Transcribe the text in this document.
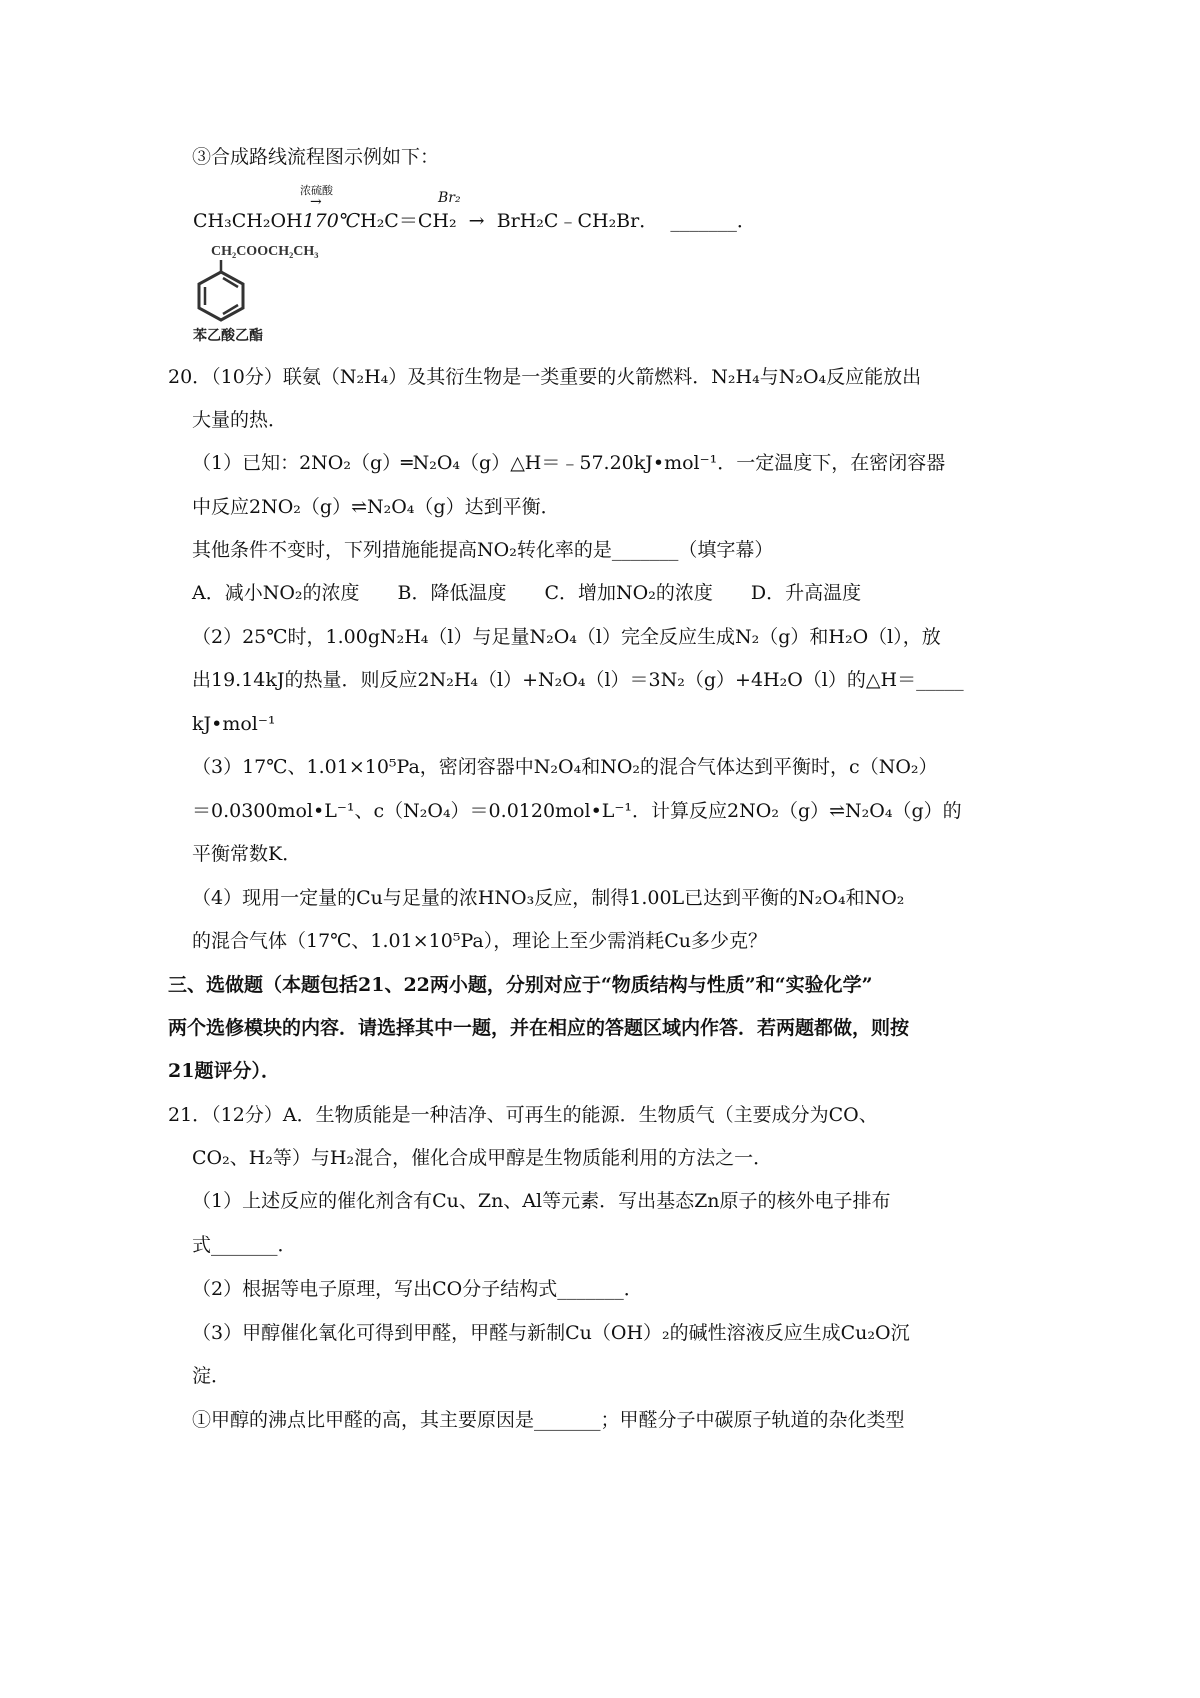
③合成路线流程图示例如下：
浓硫酸
→	Br₂
CH₃CH₂OH170℃H₂C＝CH₂ → BrH₂C﹣CH₂Br． _______．
CH₂COOCH₂CH₃
苯乙酸乙酯
20．（10分）联氨（N₂H₄）及其衍生物是一类重要的火箭燃料．N₂H₄与N₂O₄反应能放出
大量的热．
（1）已知：2NO₂（g）═N₂O₄（g）△H＝﹣57.20kJ•mol⁻¹．一定温度下，在密闭容器
中反应2NO₂（g）⇌N₂O₄（g）达到平衡．
其他条件不变时，下列措施能提高NO₂转化率的是_______（填字幕）
A．减小NO₂的浓度　　B．降低温度　　C．增加NO₂的浓度　　D．升高温度
（2）25℃时，1.00gN₂H₄（l）与足量N₂O₄（l）完全反应生成N₂（g）和H₂O（l），放
出19.14kJ的热量．则反应2N₂H₄（l）+N₂O₄（l）＝3N₂（g）+4H₂O（l）的△H＝_____
kJ•mol⁻¹
（3）17℃、1.01×10⁵Pa，密闭容器中N₂O₄和NO₂的混合气体达到平衡时，c（NO₂）
＝0.0300mol•L⁻¹、c（N₂O₄）＝0.0120mol•L⁻¹．计算反应2NO₂（g）⇌N₂O₄（g）的
平衡常数K．
（4）现用一定量的Cu与足量的浓HNO₃反应，制得1.00L已达到平衡的N₂O₄和NO₂
的混合气体（17℃、1.01×10⁵Pa），理论上至少需消耗Cu多少克？
三、选做题（本题包括21、22两小题，分别对应于“物质结构与性质”和“实验化学”
两个选修模块的内容．请选择其中一题，并在相应的答题区域内作答．若两题都做，则按
21题评分）．
21．（12分）A．生物质能是一种洁净、可再生的能源．生物质气（主要成分为CO、
CO₂、H₂等）与H₂混合，催化合成甲醇是生物质能利用的方法之一．
（1）上述反应的催化剂含有Cu、Zn、Al等元素．写出基态Zn原子的核外电子排布
式_______．
（2）根据等电子原理，写出CO分子结构式_______．
（3）甲醇催化氧化可得到甲醛，甲醛与新制Cu（OH）₂的碱性溶液反应生成Cu₂O沉
淀．
①甲醇的沸点比甲醛的高，其主要原因是_______；甲醛分子中碳原子轨道的杂化类型
